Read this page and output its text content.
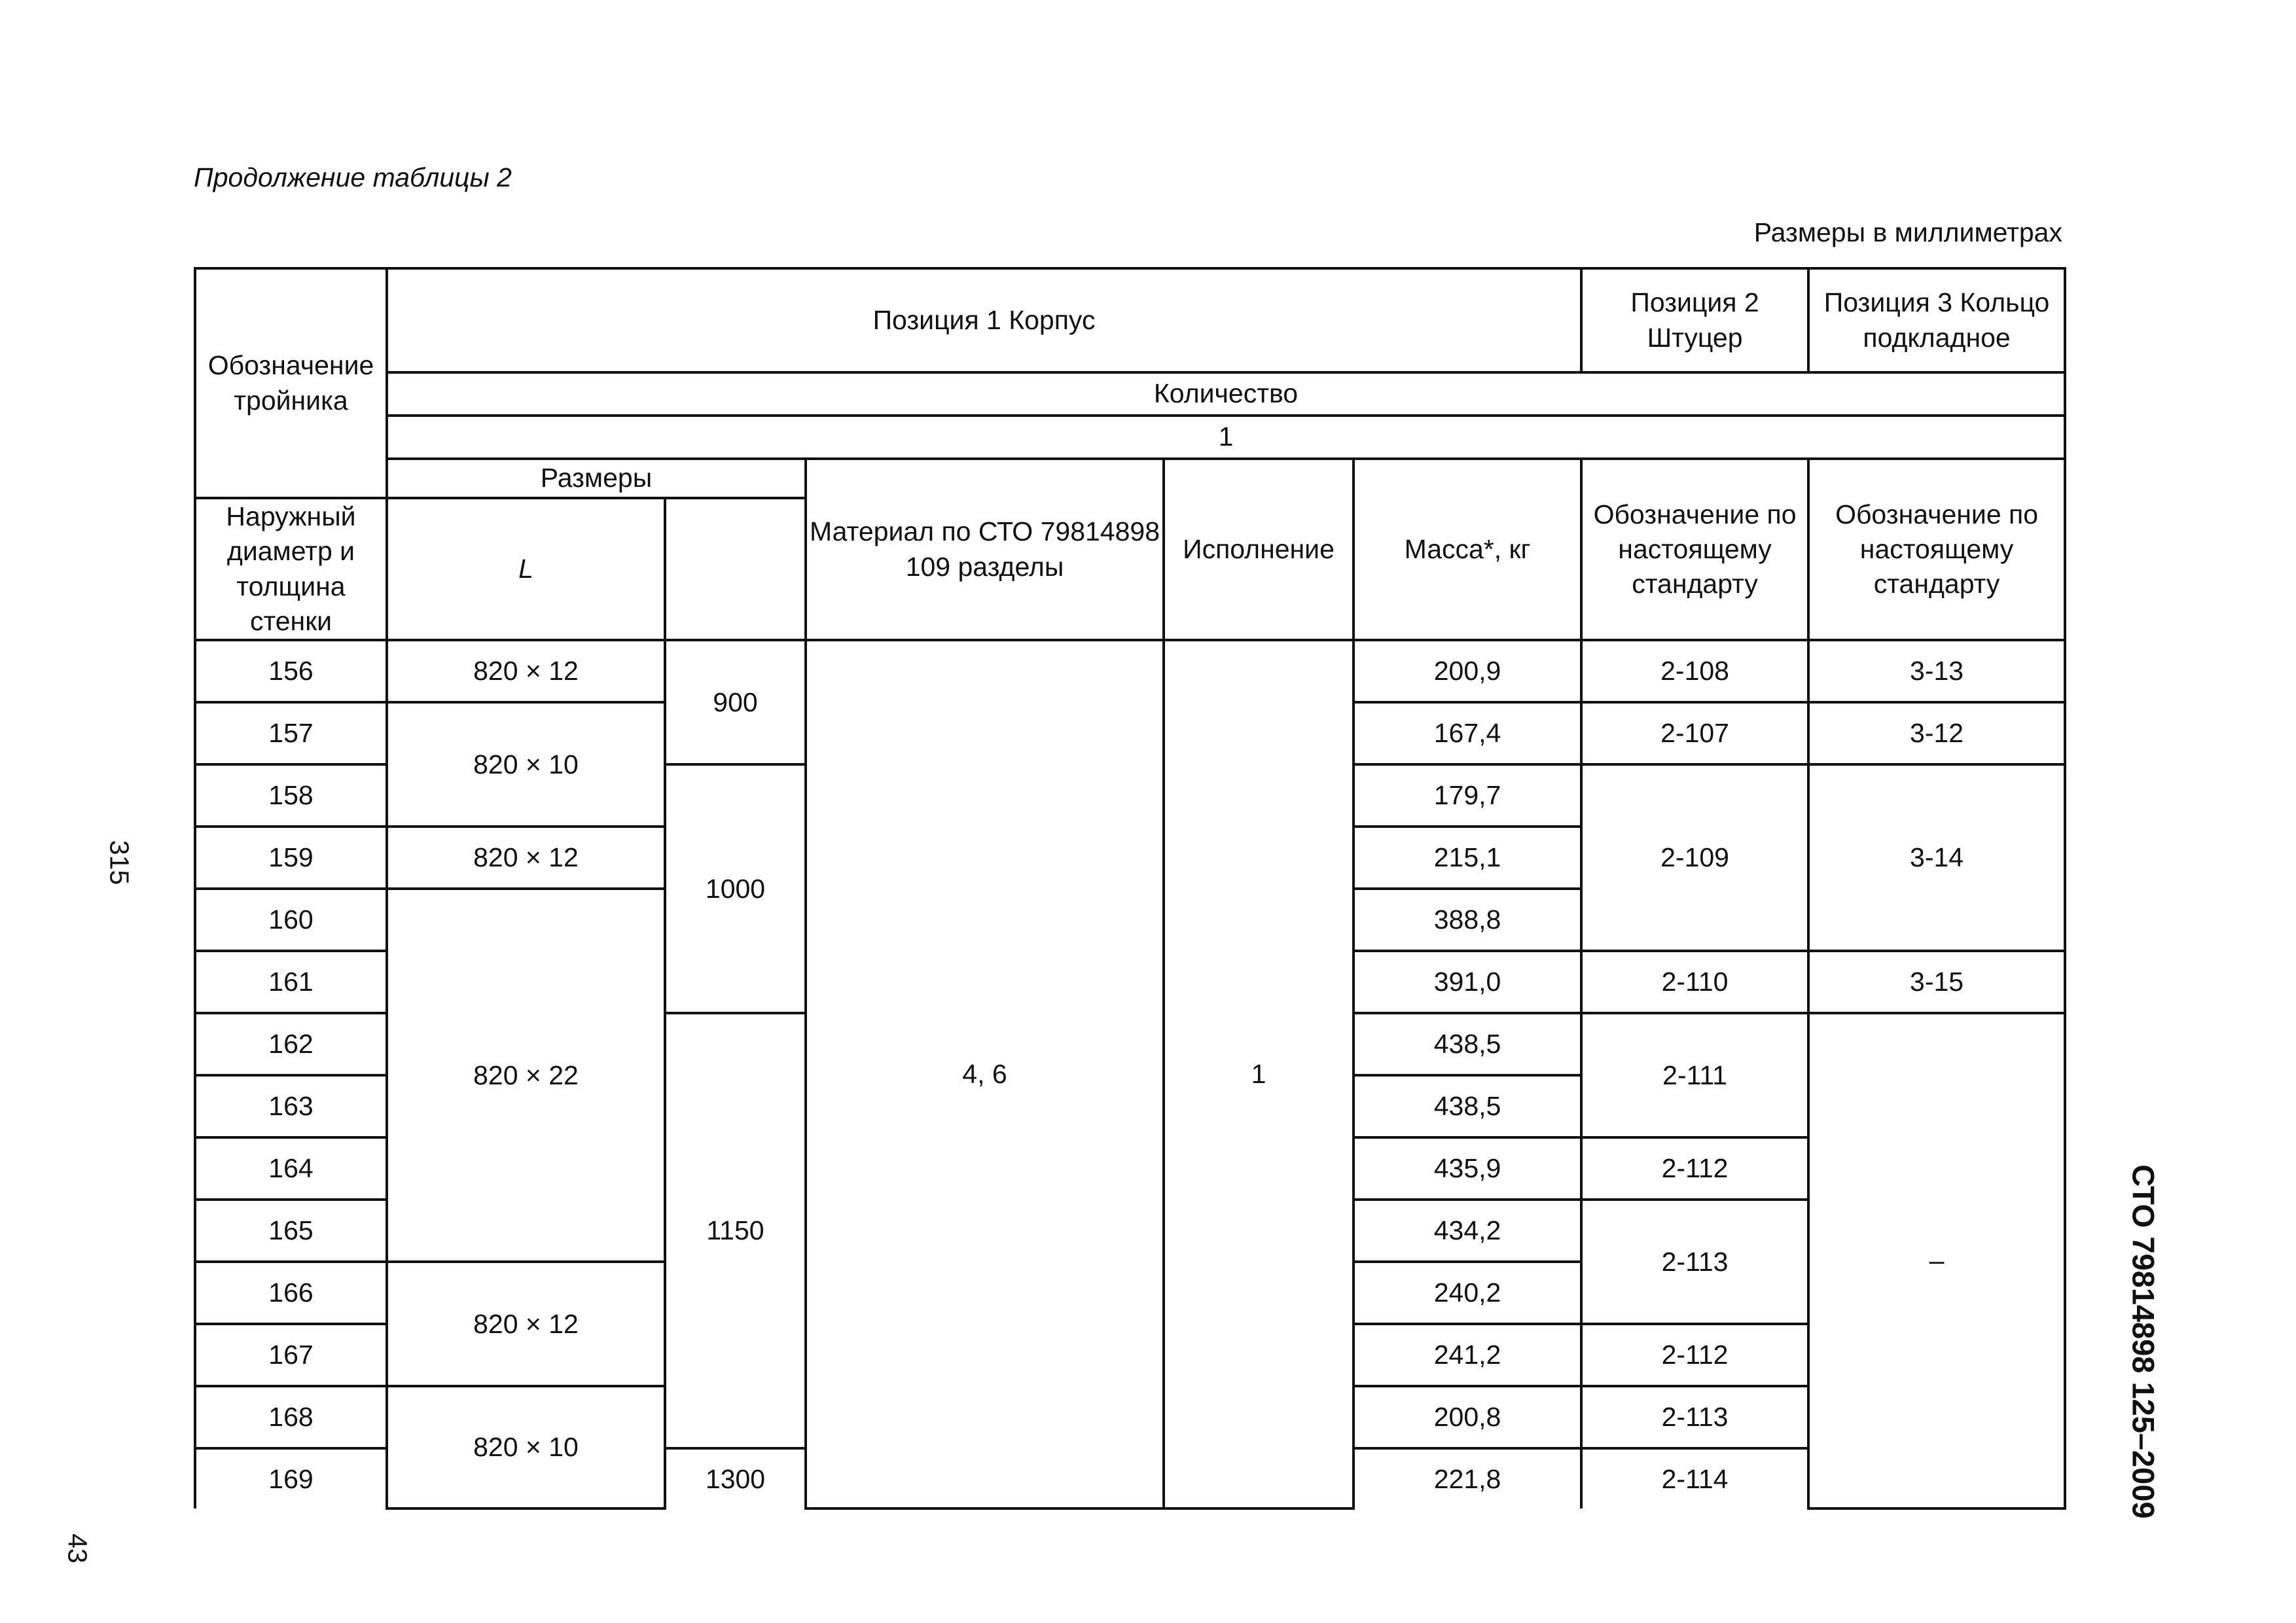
Продолжение таблицы 2
Размеры в миллиметрах
315
43
СТО 79814898 125–2009
Обозначение тройника	Позиция 1 Корпус					Позиция 2 Штуцер	Позиция 3 Кольцо подкладное
	Количество						
	1						
	Размеры		Материал по СТО 79814898 109 разделы	Исполнение	Масса*, кг	Обозначение по настоящему стандарту	Обозначение по настоящему стандарту
Наружный диаметр и толщина стенки	L						
156	820 × 12	900	4, 6	1	200,9	2-108	3-13
157	820 × 10				167,4	2-107	3-12
158		1000			179,7	2-109	3-14
159	820 × 12				215,1		
160	820 × 22				388,8		
161					391,0	2-110	3-15
162		1150			438,5	2-111	–
163					438,5		
164					435,9	2-112	
165					434,2	2-113	
166	820 × 12				240,2		
167					241,2	2-112	
168	820 × 10				200,8	2-113	
169		1300			221,8	2-114	
